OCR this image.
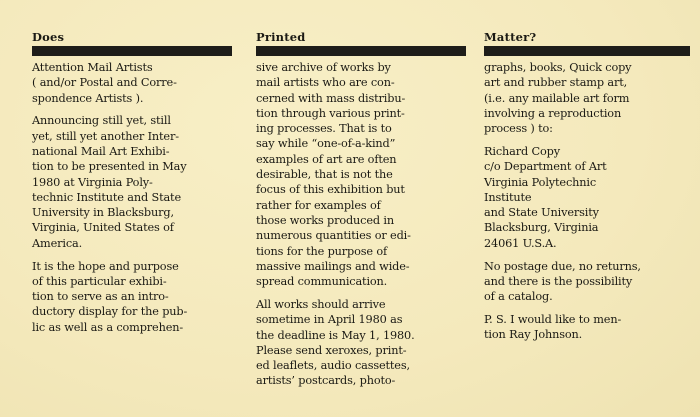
Does
Attention Mail Artists
( and/or Postal and Corre-
spondence Artists ).
Announcing still yet, still
yet, still yet another Inter-
national Mail Art Exhibi-
tion to be presented in May
1980 at Virginia Poly-
technic Institute and State
University in Blacksburg,
Virginia, United States of
America.
It is the hope and purpose
of this particular exhibi-
tion to serve as an intro-
ductory display for the pub-
lic as well as a comprehen-
Printed
sive archive of works by
mail artists who are con-
cerned with mass distribu-
tion through various print-
ing processes. That is to
say while “one-of-a-kind”
examples of art are often
desirable, that is not the
focus of this exhibition but
rather for examples of
those works produced in
numerous quantities or edi-
tions for the purpose of
massive mailings and wide-
spread communication.
All works should arrive
sometime in April 1980 as
the deadline is May 1, 1980.
Please send xeroxes, print-
ed leaflets, audio cassettes,
artists’ postcards, photo-
Matter?
graphs, books, Quick copy
art and rubber stamp art,
(i.e. any mailable art form
involving a reproduction
process ) to:
Richard Copy
c/o Department of Art
Virginia Polytechnic
Institute
and State University
Blacksburg, Virginia
24061 U.S.A.
No postage due, no returns,
and there is the possibility
of a catalog.
P. S. I would like to men-
tion Ray Johnson.
